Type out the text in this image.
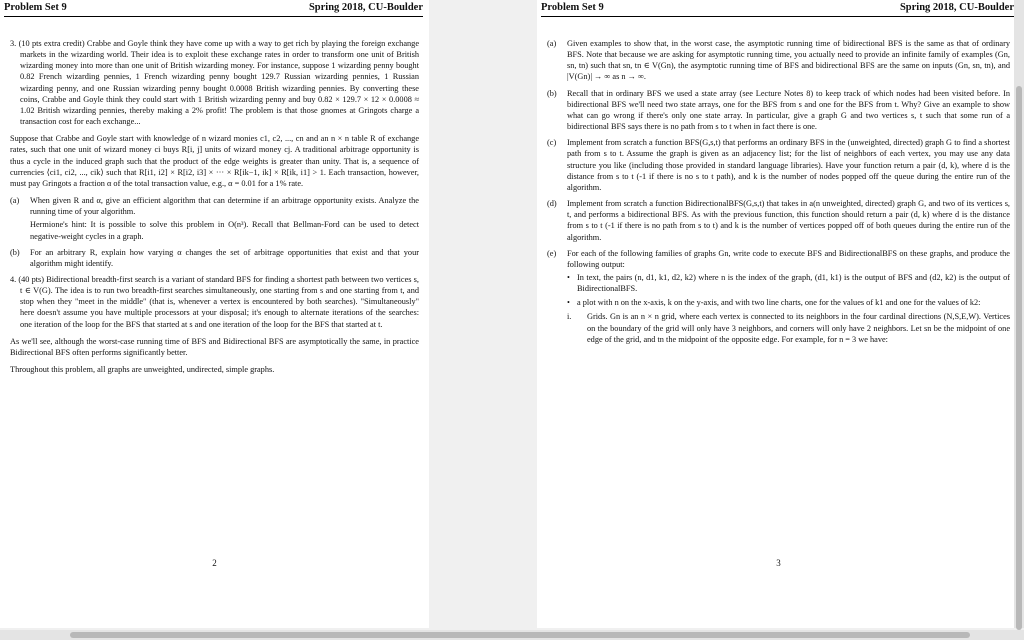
Problem Set 9	Spring 2018, CU-Boulder

3. (10 pts extra credit) Crabbe and Goyle think they have come up with a way to get rich by playing the foreign exchange markets in the wizarding world. Their idea is to exploit these exchange rates in order to transform one unit of British wizarding money into more than one unit of British wizarding money. For instance, suppose 1 wizarding penny bought 0.82 French wizarding pennies, 1 French wizarding penny bought 129.7 Russian wizarding pennies, 1 Russian wizarding penny, and one Russian wizarding penny bought 0.0008 British wizarding pennies. By converting these coins, Crabbe and Goyle think they could start with 1 British wizarding penny and buy 0.82 × 129.7 × 12 × 0.0008 ≈ 1.02 British wizarding pennies, thereby making a 2% profit! The problem is that those gnomes at Gringots charge a transaction cost for each exchange...

Suppose that Crabbe and Goyle start with knowledge of n wizard monies c1, c2, ..., cn and an n × n table R of exchange rates, such that one unit of wizard money ci buys R[i, j] units of wizard money cj. A traditional arbitrage opportunity is thus a cycle in the induced graph such that the product of the edge weights is greater than unity. That is, a sequence of currencies ⟨ci1, ci2, ..., cik⟩ such that R[i1, i2] × R[i2, i3] × ··· × R[ik−1, ik] × R[ik, i1] > 1. Each transaction, however, must pay Gringots a fraction α of the total transaction value, e.g., α = 0.01 for a 1% rate.

(a) When given R and α, give an efficient algorithm that can determine if an arbitrage opportunity exists. Analyze the running time of your algorithm.

Hermione's hint: It is possible to solve this problem in O(n³). Recall that Bellman-Ford can be used to detect negative-weight cycles in a graph.

(b) For an arbitrary R, explain how varying α changes the set of arbitrage opportunities that exist and that your algorithm might identify.

4. (40 pts) Bidirectional breadth-first search is a variant of standard BFS for finding a shortest path between two vertices s, t ∈ V(G). The idea is to run two breadth-first searches simultaneously, one starting from s and one starting from t, and stop when they "meet in the middle" (that is, whenever a vertex is encountered by both searches). "Simultaneously" here doesn't assume you have multiple processors at your disposal; it's enough to alternate iterations of the searches: one iteration of the loop for the BFS that started at s and one iteration of the loop for the BFS that started at t.

As we'll see, although the worst-case running time of BFS and Bidirectional BFS are asymptotically the same, in practice Bidirectional BFS often performs significantly better.

Throughout this problem, all graphs are unweighted, undirected, simple graphs.

2
Problem Set 9	Spring 2018, CU-Boulder
(a) Given examples to show that, in the worst case, the asymptotic running time of bidirectional BFS is the same as that of ordinary BFS. Note that because we are asking for asymptotic running time, you actually need to provide an infinite family of examples (Gn, sn, tn) such that sn, tn ∈ V(Gn), the asymptotic running time of BFS and bidirectional BFS are the same on inputs (Gn, sn, tn), and |V(Gn)| → ∞ as n → ∞.

(b) Recall that in ordinary BFS we used a state array (see Lecture Notes 8) to keep track of which nodes had been visited before. In bidirectional BFS we'll need two state arrays, one for the BFS from s and one for the BFS from t. Why? Give an example to show what can go wrong if there's only one state array. In particular, give a graph G and two vertices s, t such that some run of a bidirectional BFS says there is no path from s to t when in fact there is one.

(c) Implement from scratch a function BFS(G,s,t) that performs an ordinary BFS in the (unweighted, directed) graph G to find a shortest path from s to t. Assume the graph is given as an adjacency list; for the list of neighbors of each vertex, you may use any data structure you like (including those provided in standard language libraries). Have your function return a pair (d, k), where d is the distance from s to t (-1 if there is no s to t path), and k is the number of nodes popped off the queue during the entire run of the algorithm.

(d) Implement from scratch a function BidirectionalBFS(G,s,t) that takes in a(n unweighted, directed) graph G, and two of its vertices s, t, and performs a bidirectional BFS. As with the previous function, this function should return a pair (d, k) where d is the distance from s to t (-1 if there is no path from s to t) and k is the number of vertices popped off of both queues during the entire run of the algorithm.

(e) For each of the following families of graphs Gn, write code to execute BFS and BidirectionalBFS on these graphs, and produce the following output:

• In text, the pairs (n, d1, k1, d2, k2) where n is the index of the graph, (d1, k1) is the output of BFS and (d2, k2) is the output of BidirectionalBFS.
• a plot with n on the x-axis, k on the y-axis, and with two line charts, one for the values of k1 and one for the values of k2:
i. Grids. Gn is an n × n grid, where each vertex is connected to its neighbors in the four cardinal directions (N,S,E,W). Vertices on the boundary of the grid will only have 3 neighbors, and corners will only have 2 neighbors. Let sn be the midpoint of one edge of the grid, and tn the midpoint of the opposite edge. For example, for n = 3 we have:

3
